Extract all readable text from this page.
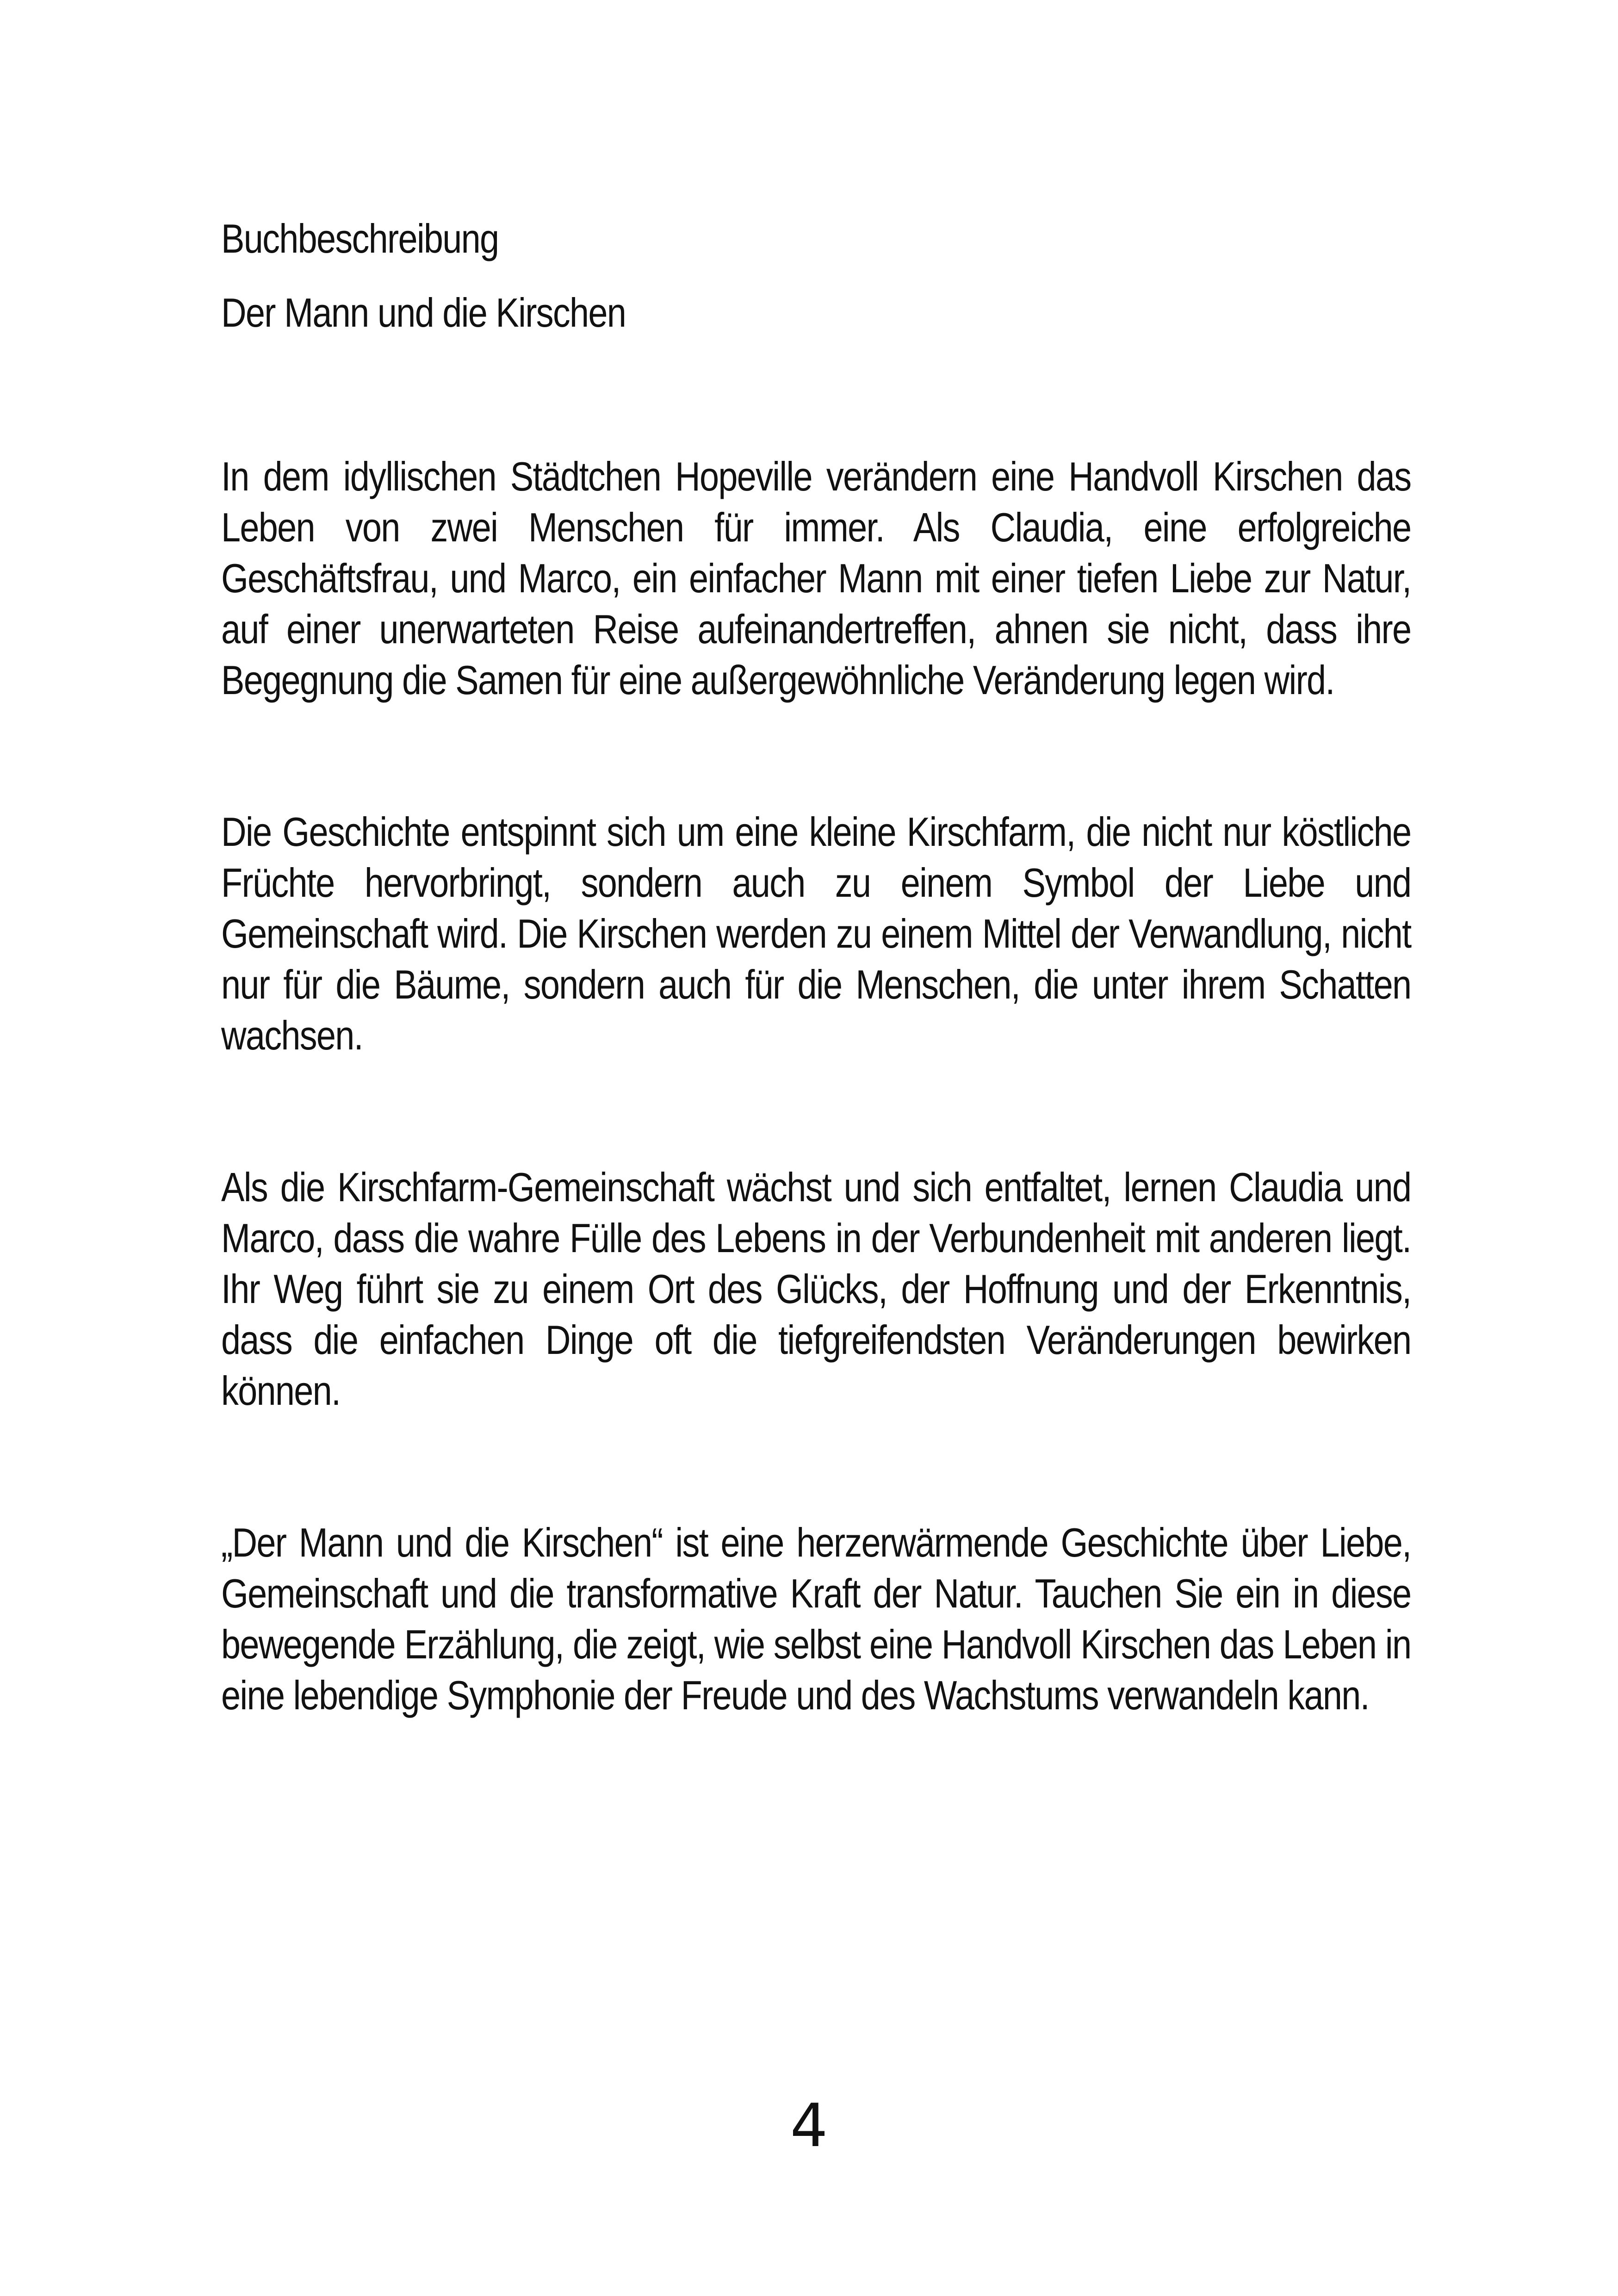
Buchbeschreibung

Der Mann und die Kirschen

In dem idyllischen Städtchen Hopeville verändern eine Handvoll Kirschen das Leben von zwei Menschen für immer. Als Claudia, eine erfolgreiche Geschäftsfrau, und Marco, ein einfacher Mann mit einer tiefen Liebe zur Natur, auf einer unerwarteten Reise aufeinandertreffen, ahnen sie nicht, dass ihre Begegnung die Samen für eine außergewöhnliche Veränderung legen wird.

Die Geschichte entspinnt sich um eine kleine Kirschfarm, die nicht nur köstliche Früchte hervorbringt, sondern auch zu einem Symbol der Liebe und Gemeinschaft wird. Die Kirschen werden zu einem Mittel der Verwandlung, nicht nur für die Bäume, sondern auch für die Menschen, die unter ihrem Schatten wachsen.

Als die Kirschfarm-Gemeinschaft wächst und sich entfaltet, lernen Claudia und Marco, dass die wahre Fülle des Lebens in der Verbundenheit mit anderen liegt. Ihr Weg führt sie zu einem Ort des Glücks, der Hoffnung und der Erkenntnis, dass die einfachen Dinge oft die tiefgreifendsten Veränderungen bewirken können.

„Der Mann und die Kirschen“ ist eine herzerwärmende Geschichte über Liebe, Gemeinschaft und die transformative Kraft der Natur. Tauchen Sie ein in diese bewegende Erzählung, die zeigt, wie selbst eine Handvoll Kirschen das Leben in eine lebendige Symphonie der Freude und des Wachstums verwandeln kann.

4
